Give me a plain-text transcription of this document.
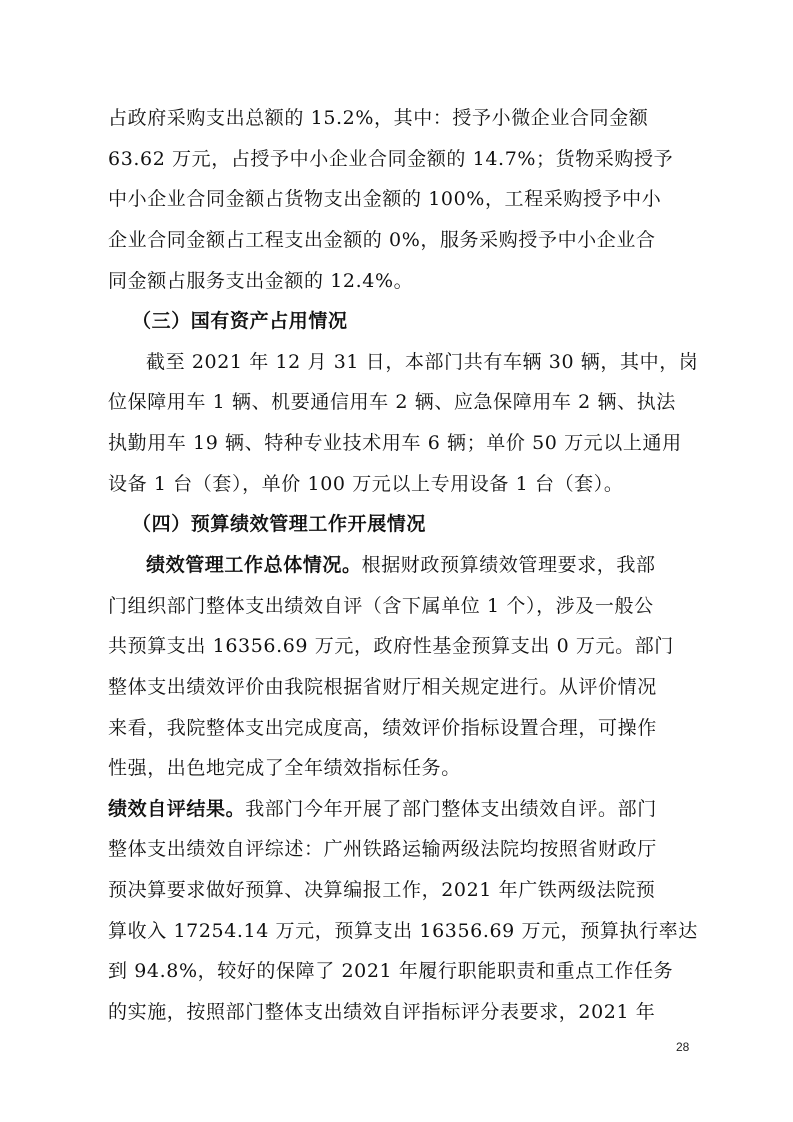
占政府采购支出总额的 15.2%，其中：授予小微企业合同金额
63.62 万元，占授予中小企业合同金额的 14.7%；货物采购授予
中小企业合同金额占货物支出金额的 100%，工程采购授予中小
企业合同金额占工程支出金额的 0%，服务采购授予中小企业合
同金额占服务支出金额的 12.4%。
（三）国有资产占用情况
截至 2021 年 12 月 31 日，本部门共有车辆 30 辆，其中，岗
位保障用车 1 辆、机要通信用车 2 辆、应急保障用车 2 辆、执法
执勤用车 19 辆、特种专业技术用车 6 辆；单价 50 万元以上通用
设备 1 台（套），单价 100 万元以上专用设备 1 台（套）。
（四）预算绩效管理工作开展情况
绩效管理工作总体情况。根据财政预算绩效管理要求，我部
门组织部门整体支出绩效自评（含下属单位 1 个），涉及一般公
共预算支出 16356.69 万元，政府性基金预算支出 0 万元。部门
整体支出绩效评价由我院根据省财厅相关规定进行。从评价情况
来看，我院整体支出完成度高，绩效评价指标设置合理，可操作
性强，出色地完成了全年绩效指标任务。
绩效自评结果。我部门今年开展了部门整体支出绩效自评。部门
整体支出绩效自评综述：广州铁路运输两级法院均按照省财政厅
预决算要求做好预算、决算编报工作，2021 年广铁两级法院预
算收入 17254.14 万元，预算支出 16356.69 万元，预算执行率达
到 94.8%，较好的保障了 2021 年履行职能职责和重点工作任务
28
的实施，按照部门整体支出绩效自评指标评分表要求，2021 年
